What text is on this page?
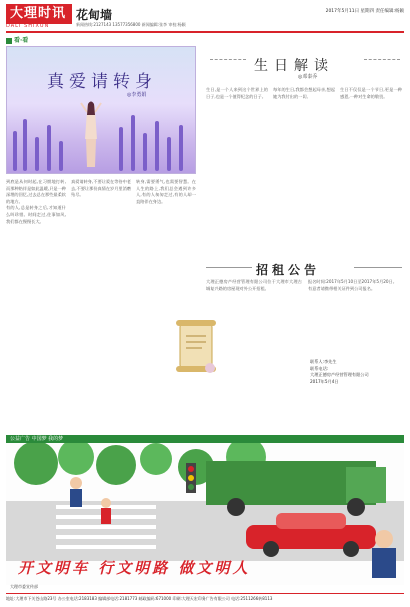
大理时讯
DALI SHIXUN
花甸墙
新闻热线:2127143 13577356800 新闻编辑:张李 审校:杨颖
2017年5月11日 星期四 责任编辑:杨颖
看·看
真爱请转身
◎李勇娟

到底是从何时起,在习惯地打转,而那种陪伴是如此温暖,只是一种深埋的回忆,过去总在那些最柔软的地方。

有的人,总是转身之后,才知道什么叫珍惜。时间走过,往事如风,我们都在慢慢长大。

真爱请转身,不要让爱在等待中老去,不要让那份真情在岁月里消磨殆尽。

转身,需要勇气,也需要智慧。在人生的路上,我们总会遇到许多人,有的人匆匆走过,有的人却一直陪伴在身边。

生日解读
◎邓泰乔

生日,是一个人来到这个世界上的日子,也是一个值得纪念的日子。

每年的生日,我都会想起母亲,想起她为我付出的一切。

生日不仅仅是一个节日,更是一种感恩,一种对生命的敬畏。

招租公告

大理正德房产经营管理有限公司位于大理市大理古城复兴路的房屋现对外公开招租。

报名时间:2017年5月10日至2017年5月20日。

有意者请携带相关证件到公司报名。

联系人:李先生
联系电话:
大理正德房产经营管理有限公司
2017年5月4日
公益广告 中国梦 我的梦
开文明车 行文明路 做文明人
大理市委宣传部
地址:大理市下关苍山路23号 办公室电话:2183183 编辑部电话:2181773 邮政编码:671000 印刷:大理天宏印务广告有限公司 电话:2511266转8113
